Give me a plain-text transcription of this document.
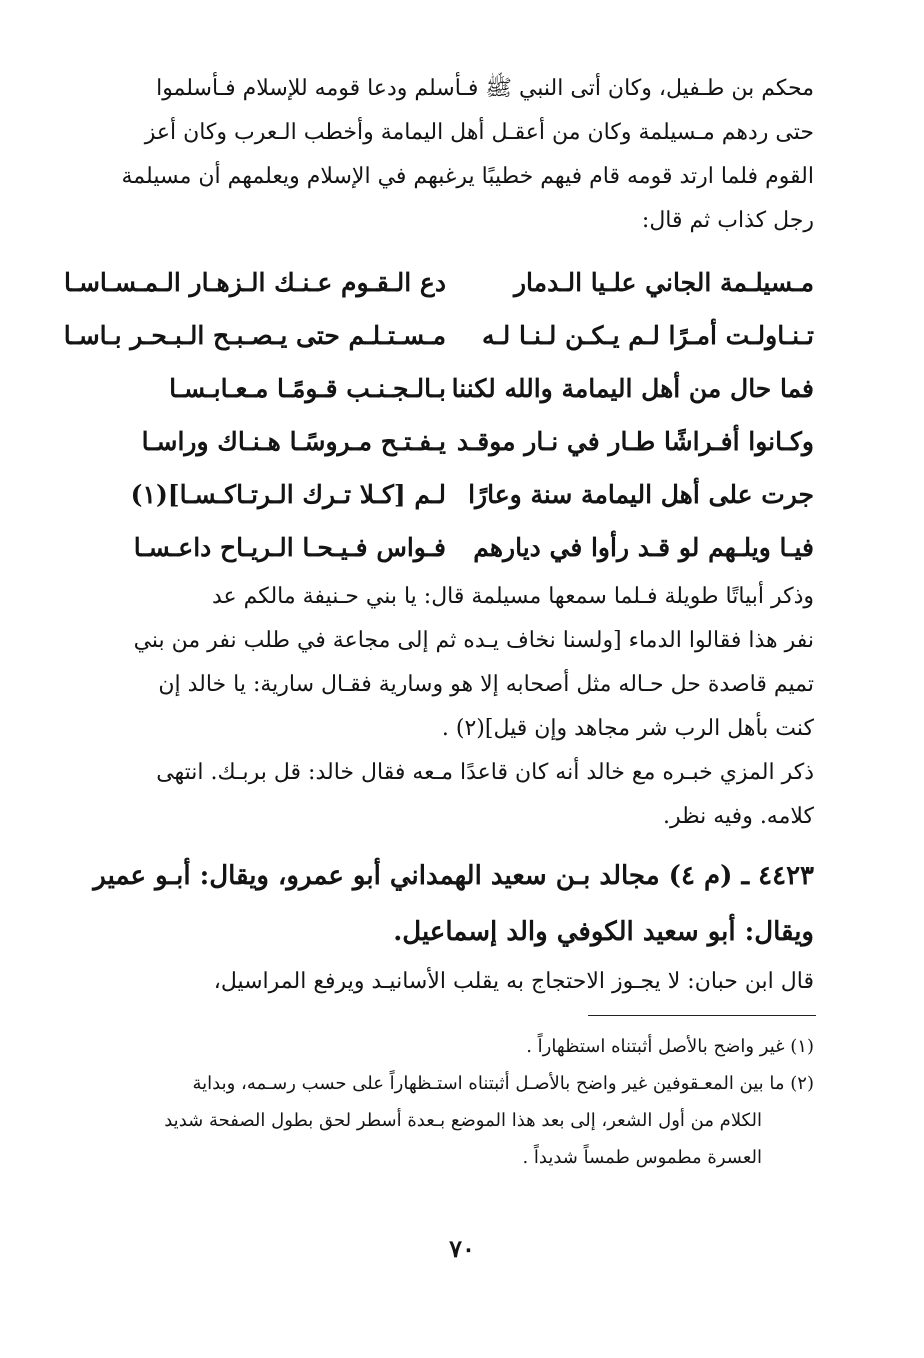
محكم بن طـفيل، وكان أتى النبي ﷺ فـأسلم ودعا قومه للإسلام فـأسلموا
حتى ردهم مـسيلمة وكان من أعقـل أهل اليمامة وأخطب الـعرب وكان أعز
القوم فلما ارتد قومه قام فيهم خطيبًا يرغبهم في الإسلام ويعلمهم أن مسيلمة
رجل كذاب ثم قال:
مـسيلـمة الجاني علـيا الـدمار
دع الـقـوم عـنـك الـزهـار الـمـسـاسـا
تـنـاولـت أمـرًا لـم يـكـن لـنـا لـه
مـسـتـلـم حتى يـصـبـح الـبـحـر بـاسـا
فما حال من أهل اليمامة والله لكننا
بـالـجـنـب قـومًـا مـعـابـسـا
وكـانوا أفـراشًا طـار في نـار موقـد
يـفـتـح مـروسًـا هـنـاك وراسـا
جرت على أهل اليمامة سنة وعارًا
لـم [كـلا تـرك الـرتـاكـسـا](١)
فيـا ويلـهم لو قـد رأوا في ديارهم
فـواس فـيـحـا الـريـاح داعـسـا
وذكر أبياتًا طويلة فـلما سمعها مسيلمة قال: يا بني حـنيفة مالكم عد
نفر هذا فقالوا الدماء [ولسنا نخاف يـده ثم إلى مجاعة في طلب نفر من بني
تميم قاصدة حل حـاله مثل أصحابه إلا هو وسارية فقـال سارية: يا خالد إن
كنت بأهل الرب شر مجاهد وإن قيل](٢) .
ذكر المزي خبـره مع خالد أنه كان قاعدًا مـعه فقال خالد: قل بربـك. انتهى
كلامه. وفيه نظر.
٤٤٢٣ ـ (م ٤) مجالد بـن سعيد الهمداني أبو عمرو، ويقال: أبـو عمير
ويقال: أبو سعيد الكوفي والد إسماعيل.
قال ابن حبان: لا يجـوز الاحتجاج به يقلب الأسانيـد ويرفع المراسيل،
(١) غير واضح بالأصل أثبتناه استظهاراً .
(٢) ما بين المعـقوفين غير واضح بالأصـل أثبتناه استـظهاراً على حسب رسـمه، وبداية
الكلام من أول الشعر، إلى بعد هذا الموضع بـعدة أسطر لحق بطول الصفحة شديد
العسرة مطموس طمساً شديداً .
٧٠
